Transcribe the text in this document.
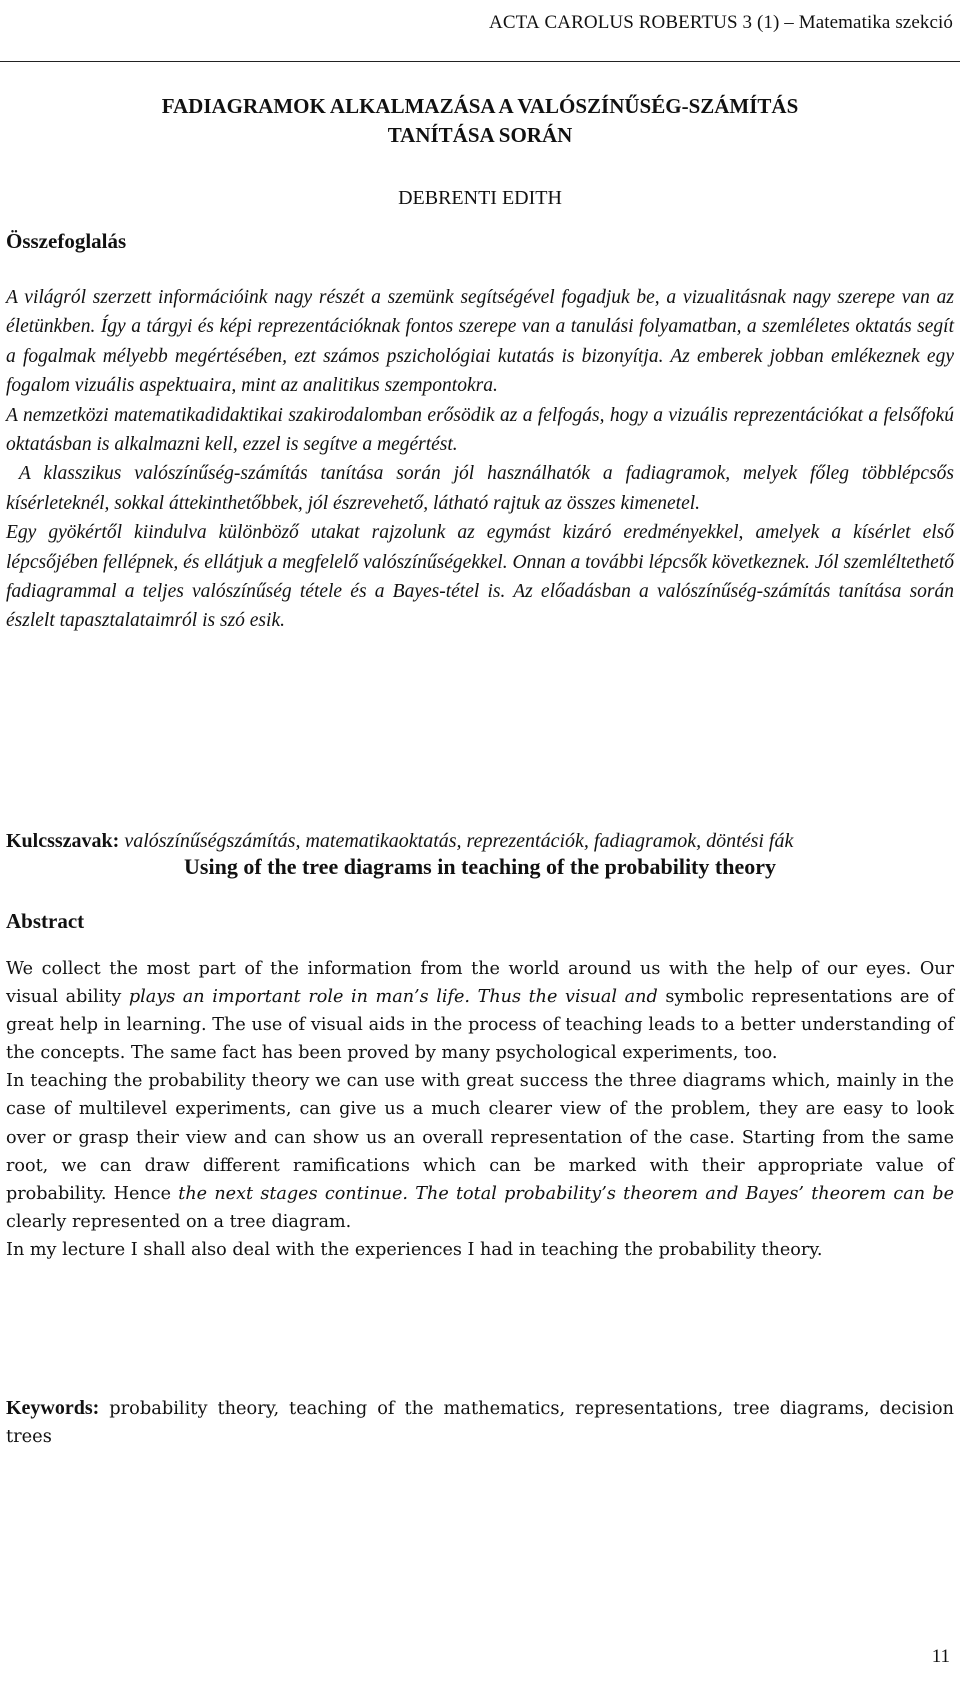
ACTA CAROLUS ROBERTUS 3 (1) – Matematika szekció
FADIAGRAMOK ALKALMAZÁSA A VALÓSZÍNŰSÉG-SZÁMÍTÁS
TANÍTÁSA SORÁN
DEBRENTI EDITH
Összefoglalás

A világról szerzett információink nagy részét a szemünk segítségével fogadjuk be, a vizualitásnak nagy szerepe van az életünkben. Így a tárgyi és képi reprezentációknak fontos szerepe van a tanulási folyamatban, a szemléletes oktatás segít a fogalmak mélyebb megértésében, ezt számos pszichológiai kutatás is bizonyítja. Az emberek jobban emlékeznek egy fogalom vizuális aspektuaira, mint az analitikus szempontokra.

A nemzetközi matematikadidaktikai szakirodalomban erősödik az a felfogás, hogy a vizuális reprezentációkat a felsőfokú oktatásban is alkalmazni kell, ezzel is segítve a megértést.

A klasszikus valószínűség-számítás tanítása során jól használhatók a fadiagramok, melyek főleg többlépcsős kísérleteknél, sokkal áttekinthetőbbek, jól észrevehető, látható rajtuk az összes kimenetel.

Egy gyökértől kiindulva különböző utakat rajzolunk az egymást kizáró eredményekkel, amelyek a kísérlet első lépcsőjében fellépnek, és ellátjuk a megfelelő valószínűségekkel. Onnan a további lépcsők következnek. Jól szemléltethető fadiagrammal a teljes valószínűség tétele és a Bayes-tétel is. Az előadásban a valószínűség-számítás tanítása során észlelt tapasztalataimról is szó esik.

Kulcsszavak: valószínűségszámítás, matematikaoktatás, reprezentációk, fadiagramok, döntési fák
Using of the tree diagrams in teaching of the probability theory
Abstract

We collect the most part of the information from the world around us with the help of our eyes. Our visual ability plays an important role in man’s life. Thus the visual and symbolic representations are of great help in learning. The use of visual aids in the process of teaching leads to a better understanding of the concepts. The same fact has been proved by many psychological experiments, too.

In teaching the probability theory we can use with great success the three diagrams which, mainly in the case of multilevel experiments, can give us a much clearer view of the problem, they are easy to look over or grasp their view and can show us an overall representation of the case. Starting from the same root, we can draw different ramifications which can be marked with their appropriate value of probability. Hence the next stages continue. The total probability’s theorem and Bayes’ theorem can be clearly represented on a tree diagram.

In my lecture I shall also deal with the experiences I had in teaching the probability theory.

Keywords: probability theory, teaching of the mathematics, representations, tree diagrams, decision trees
11
